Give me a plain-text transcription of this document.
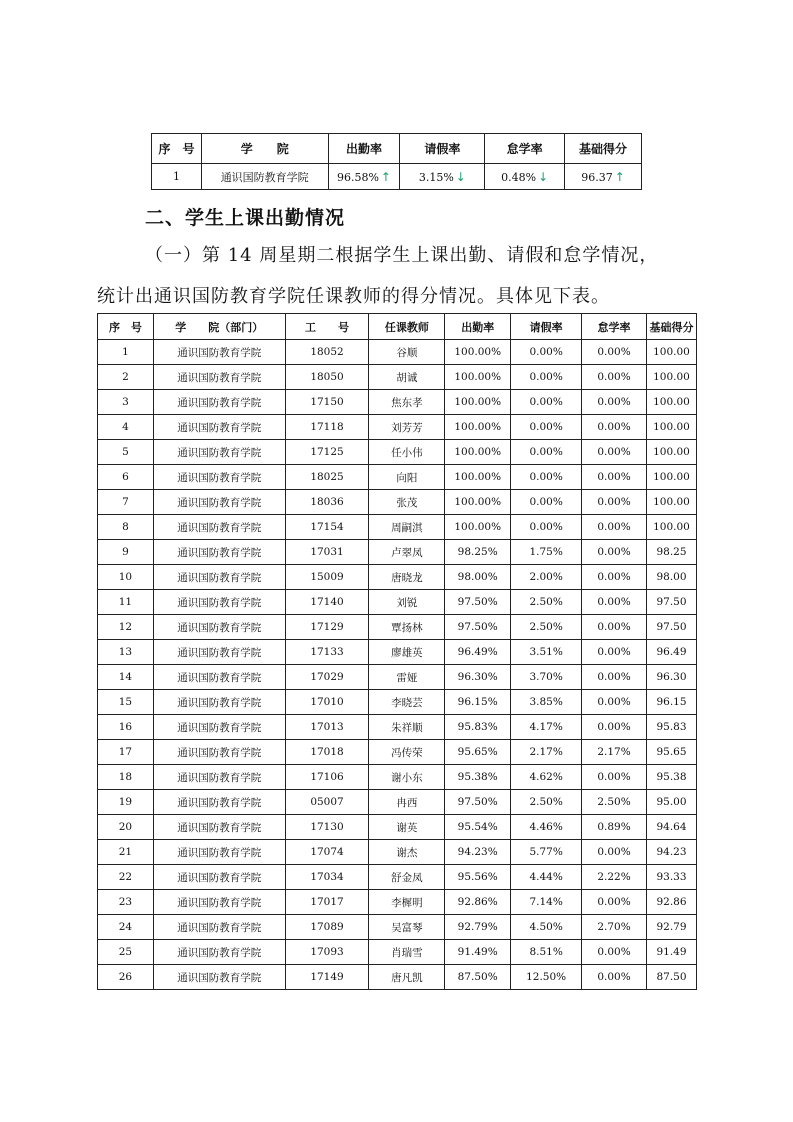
序　号	学　　院	出勤率	请假率	怠学率	基础得分
1	通识国防教育学院	96.58% ↑	3.15% ↓	0.48% ↓	96.37 ↑
二、学生上课出勤情况

（一）第 14 周星期二根据学生上课出勤、请假和怠学情况，

统计出通识国防教育学院任课教师的得分情况。具体见下表。

序　号	学　　院（部门）	工　　号	任课教师	出勤率	请假率	怠学率	基础得分
1	通识国防教育学院	18052	谷顺	100.00%	0.00%	0.00%	100.00
2	通识国防教育学院	18050	胡诚	100.00%	0.00%	0.00%	100.00
3	通识国防教育学院	17150	焦东孝	100.00%	0.00%	0.00%	100.00
4	通识国防教育学院	17118	刘芳芳	100.00%	0.00%	0.00%	100.00
5	通识国防教育学院	17125	任小伟	100.00%	0.00%	0.00%	100.00
6	通识国防教育学院	18025	向阳	100.00%	0.00%	0.00%	100.00
7	通识国防教育学院	18036	张茂	100.00%	0.00%	0.00%	100.00
8	通识国防教育学院	17154	周嗣淇	100.00%	0.00%	0.00%	100.00
9	通识国防教育学院	17031	卢翠凤	98.25%	1.75%	0.00%	98.25
10	通识国防教育学院	15009	唐晓龙	98.00%	2.00%	0.00%	98.00
11	通识国防教育学院	17140	刘锐	97.50%	2.50%	0.00%	97.50
12	通识国防教育学院	17129	覃扬林	97.50%	2.50%	0.00%	97.50
13	通识国防教育学院	17133	廖雄英	96.49%	3.51%	0.00%	96.49
14	通识国防教育学院	17029	雷娅	96.30%	3.70%	0.00%	96.30
15	通识国防教育学院	17010	李晓芸	96.15%	3.85%	0.00%	96.15
16	通识国防教育学院	17013	朱祥顺	95.83%	4.17%	0.00%	95.83
17	通识国防教育学院	17018	冯传荣	95.65%	2.17%	2.17%	95.65
18	通识国防教育学院	17106	谢小东	95.38%	4.62%	0.00%	95.38
19	通识国防教育学院	05007	冉西	97.50%	2.50%	2.50%	95.00
20	通识国防教育学院	17130	谢英	95.54%	4.46%	0.89%	94.64
21	通识国防教育学院	17074	谢杰	94.23%	5.77%	0.00%	94.23
22	通识国防教育学院	17034	舒金凤	95.56%	4.44%	2.22%	93.33
23	通识国防教育学院	17017	李樨明	92.86%	7.14%	0.00%	92.86
24	通识国防教育学院	17089	吴富琴	92.79%	4.50%	2.70%	92.79
25	通识国防教育学院	17093	肖瑞雪	91.49%	8.51%	0.00%	91.49
26	通识国防教育学院	17149	唐凡凯	87.50%	12.50%	0.00%	87.50
